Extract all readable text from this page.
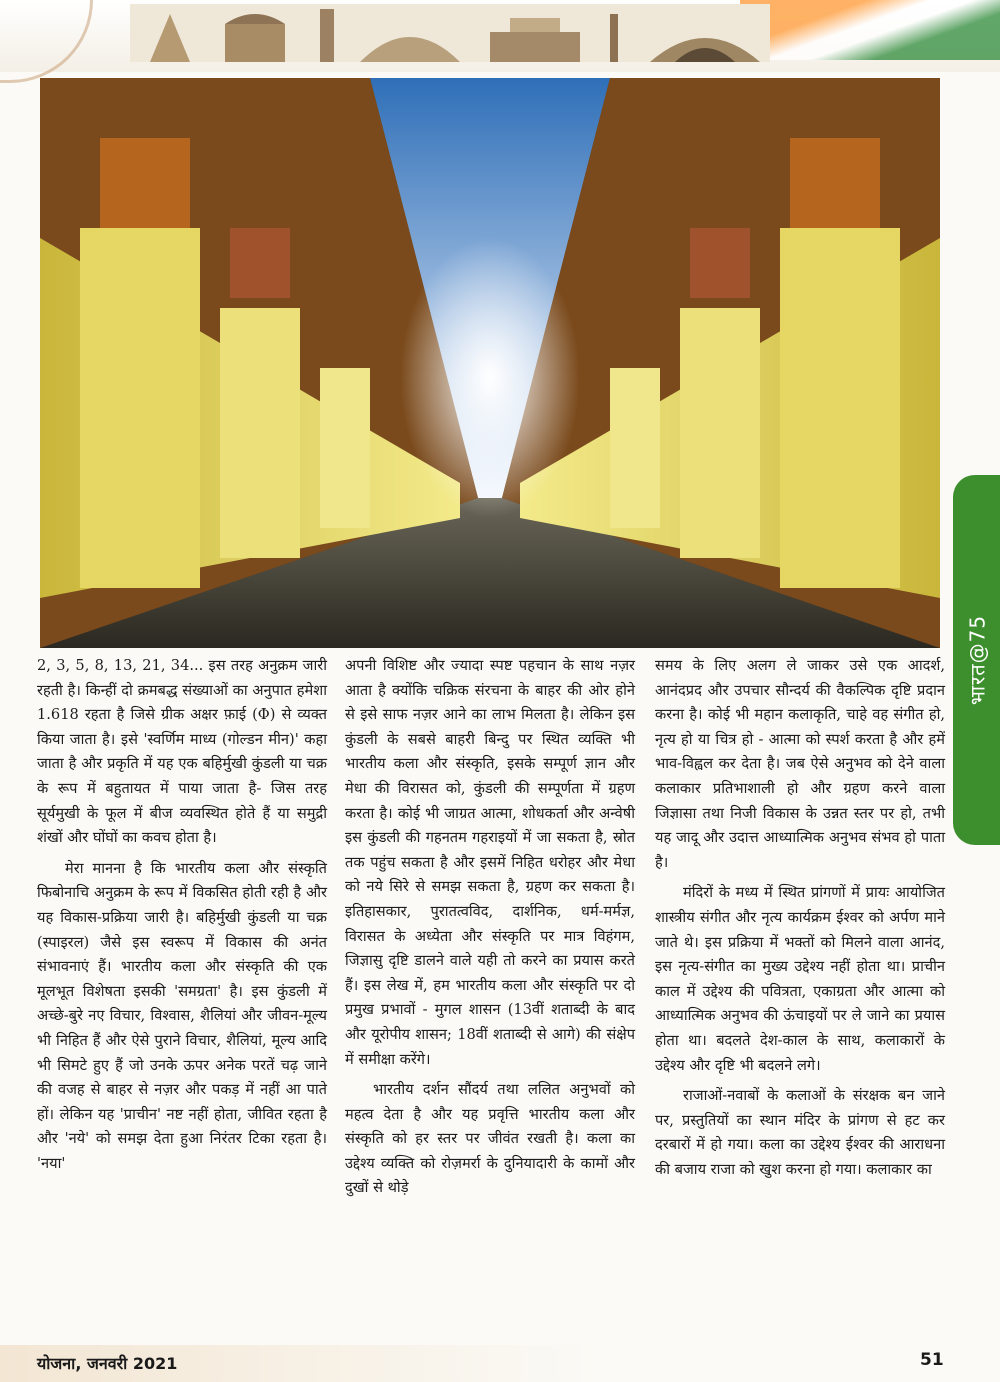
भारत@75

2, 3, 5, 8, 13, 21, 34... इस तरह अनुक्रम जारी रहती है। किन्हीं दो क्रमबद्ध संख्याओं का अनुपात हमेशा 1.618 रहता है जिसे ग्रीक अक्षर फ़ाई (Φ) से व्यक्त किया जाता है। इसे 'स्वर्णिम माध्य (गोल्डन मीन)' कहा जाता है और प्रकृति में यह एक बहिर्मुखी कुंडली या चक्र के रूप में बहुतायत में पाया जाता है- जिस तरह सूर्यमुखी के फूल में बीज व्यवस्थित होते हैं या समुद्री शंखों और घोंघों का कवच होता है।

मेरा मानना है कि भारतीय कला और संस्कृति फिबोनाचि अनुक्रम के रूप में विकसित होती रही है और यह विकास-प्रक्रिया जारी है। बहिर्मुखी कुंडली या चक्र (स्पाइरल) जैसे इस स्वरूप में विकास की अनंत संभावनाएं हैं। भारतीय कला और संस्कृति की एक मूलभूत विशेषता इसकी 'समग्रता' है। इस कुंडली में अच्छे-बुरे नए विचार, विश्वास, शैलियां और जीवन-मूल्य भी निहित हैं और ऐसे पुराने विचार, शैलियां, मूल्य आदि भी सिमटे हुए हैं जो उनके ऊपर अनेक परतें चढ़ जाने की वजह से बाहर से नज़र और पकड़ में नहीं आ पाते हों। लेकिन यह 'प्राचीन' नष्ट नहीं होता, जीवित रहता है और 'नये' को समझ देता हुआ निरंतर टिका रहता है। 'नया'

अपनी विशिष्ट और ज्यादा स्पष्ट पहचान के साथ नज़र आता है क्योंकि चक्रिक संरचना के बाहर की ओर होने से इसे साफ नज़र आने का लाभ मिलता है। लेकिन इस कुंडली के सबसे बाहरी बिन्दु पर स्थित व्यक्ति भी भारतीय कला और संस्कृति, इसके सम्पूर्ण ज्ञान और मेधा की विरासत को, कुंडली की सम्पूर्णता में ग्रहण करता है। कोई भी जाग्रत आत्मा, शोधकर्ता और अन्वेषी इस कुंडली की गहनतम गहराइयों में जा सकता है, स्रोत तक पहुंच सकता है और इसमें निहित धरोहर और मेधा को नये सिरे से समझ सकता है, ग्रहण कर सकता है। इतिहासकार, पुरातत्वविद, दार्शनिक, धर्म-मर्मज्ञ, विरासत के अध्येता और संस्कृति पर मात्र विहंगम, जिज्ञासु दृष्टि डालने वाले यही तो करने का प्रयास करते हैं। इस लेख में, हम भारतीय कला और संस्कृति पर दो प्रमुख प्रभावों - मुगल शासन (13वीं शताब्दी के बाद और यूरोपीय शासन; 18वीं शताब्दी से आगे) की संक्षेप में समीक्षा करेंगे।

भारतीय दर्शन सौंदर्य तथा ललित अनुभवों को महत्व देता है और यह प्रवृत्ति भारतीय कला और संस्कृति को हर स्तर पर जीवंत रखती है। कला का उद्देश्य व्यक्ति को रोज़मर्रा के दुनियादारी के कामों और दुखों से थोड़े

समय के लिए अलग ले जाकर उसे एक आदर्श, आनंदप्रद और उपचार सौन्दर्य की वैकल्पिक दृष्टि प्रदान करना है। कोई भी महान कलाकृति, चाहे वह संगीत हो, नृत्य हो या चित्र हो - आत्मा को स्पर्श करता है और हमें भाव-विह्वल कर देता है। जब ऐसे अनुभव को देने वाला कलाकार प्रतिभाशाली हो और ग्रहण करने वाला जिज्ञासा तथा निजी विकास के उन्नत स्तर पर हो, तभी यह जादू और उदात्त आध्यात्मिक अनुभव संभव हो पाता है।

मंदिरों के मध्य में स्थित प्रांगणों में प्रायः आयोजित शास्त्रीय संगीत और नृत्य कार्यक्रम ईश्वर को अर्पण माने जाते थे। इस प्रक्रिया में भक्तों को मिलने वाला आनंद, इस नृत्य-संगीत का मुख्य उद्देश्य नहीं होता था। प्राचीन काल में उद्देश्य की पवित्रता, एकाग्रता और आत्मा को आध्यात्मिक अनुभव की ऊंचाइयों पर ले जाने का प्रयास होता था। बदलते देश-काल के साथ, कलाकारों के उद्देश्य और दृष्टि भी बदलने लगे।

राजाओं-नवाबों के कलाओं के संरक्षक बन जाने पर, प्रस्तुतियों का स्थान मंदिर के प्रांगण से हट कर दरबारों में हो गया। कला का उद्देश्य ईश्वर की आराधना की बजाय राजा को खुश करना हो गया। कलाकार का

योजना, जनवरी 2021	51
